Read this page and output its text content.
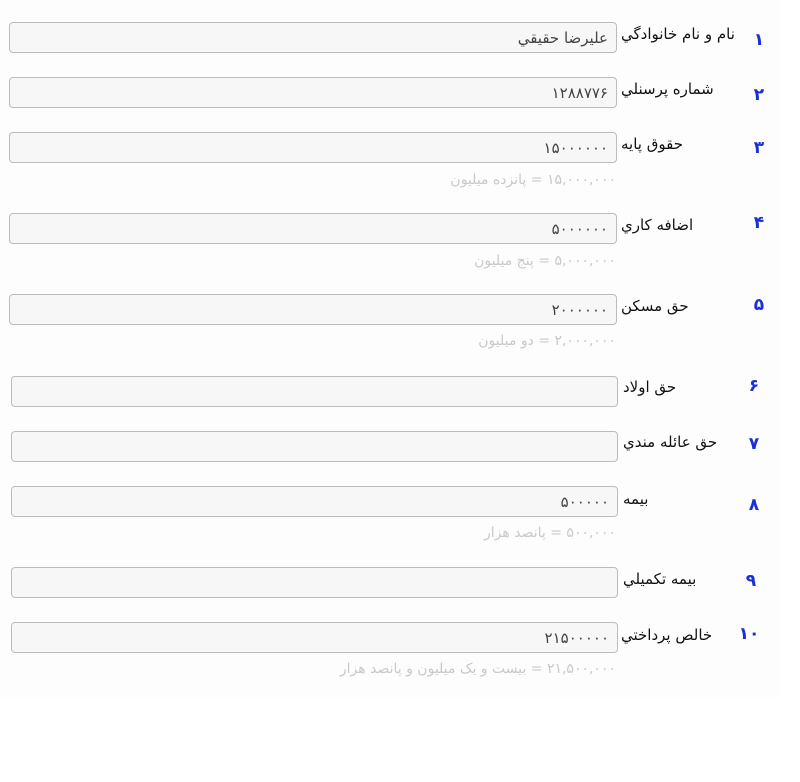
۱
نام و نام خانوادگي
عليرضا حقيقي
۲
شماره پرسنلي
۱۲۸۸۷۷۶
۳
حقوق پايه
۱۵۰۰۰۰۰۰
۱۵,۰۰۰,۰۰۰ = پانزده ميليون
۴
اضافه کاري
۵۰۰۰۰۰۰
۵,۰۰۰,۰۰۰ = پنج ميليون
۵
حق مسکن
۲۰۰۰۰۰۰
۲,۰۰۰,۰۰۰ = دو ميليون
۶
حق اولاد
۷
حق عائله مندي
۸
بيمه
۵۰۰۰۰۰
۵۰۰,۰۰۰ = پانصد هزار
۹
بيمه تکميلي
۱۰
خالص پرداختي
۲۱۵۰۰۰۰۰
۲۱,۵۰۰,۰۰۰ = بيست و يک ميليون و پانصد هزار
